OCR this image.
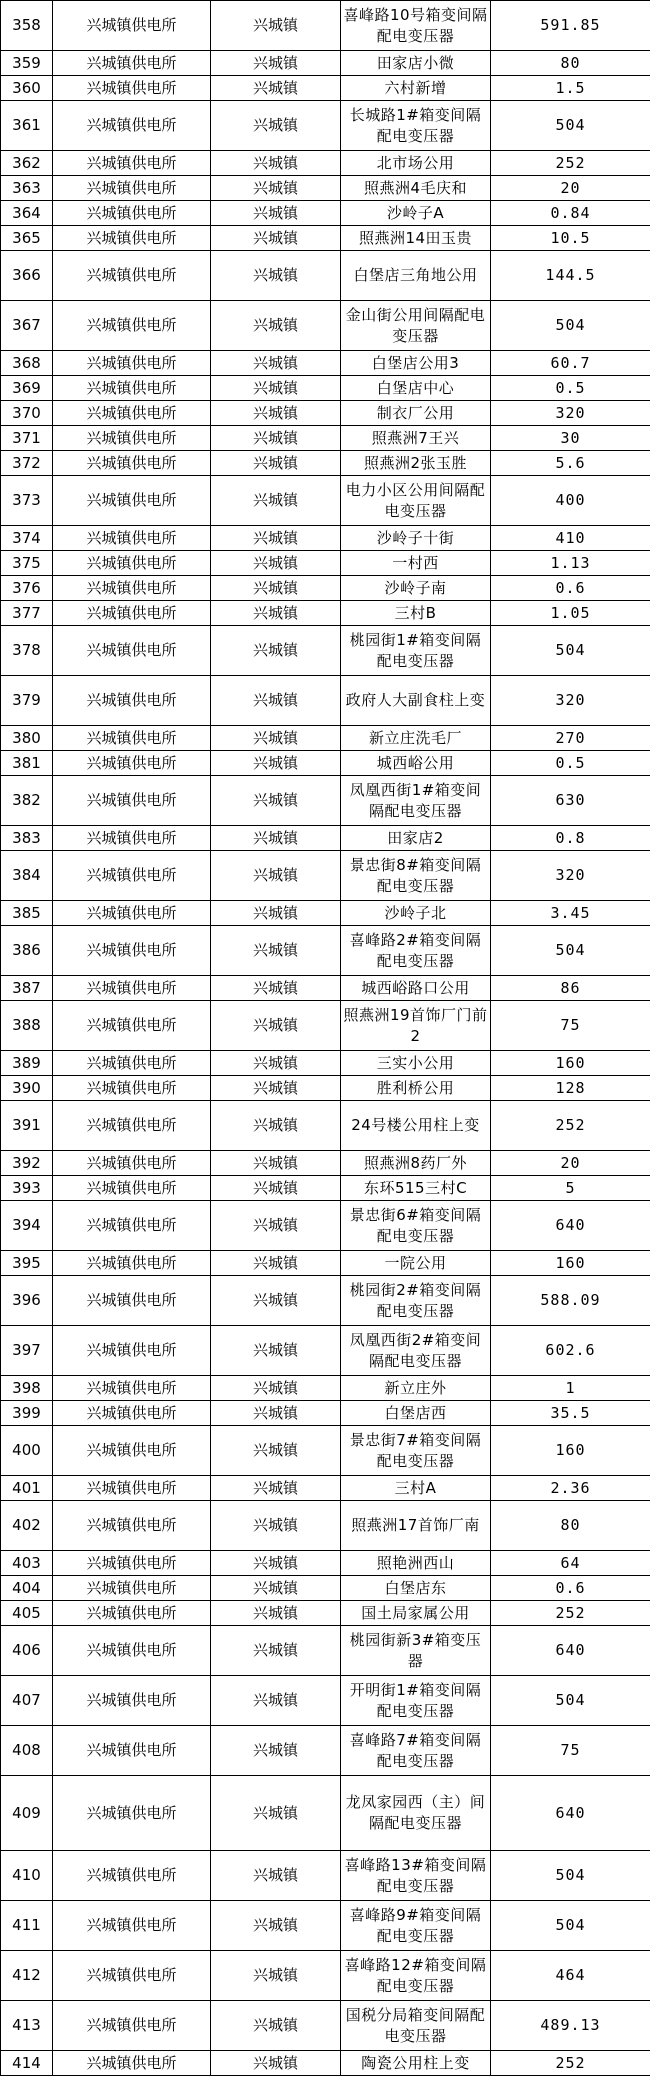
358	兴城镇供电所	兴城镇	喜峰路10号箱变间隔配电变压器	591.85
359	兴城镇供电所	兴城镇	田家店小微	80
360	兴城镇供电所	兴城镇	六村新增	1.5
361	兴城镇供电所	兴城镇	长城路1#箱变间隔配电变压器	504
362	兴城镇供电所	兴城镇	北市场公用	252
363	兴城镇供电所	兴城镇	照燕洲4毛庆和	20
364	兴城镇供电所	兴城镇	沙岭子A	0.84
365	兴城镇供电所	兴城镇	照燕洲14田玉贵	10.5
366	兴城镇供电所	兴城镇	白堡店三角地公用	144.5
367	兴城镇供电所	兴城镇	金山街公用间隔配电变压器	504
368	兴城镇供电所	兴城镇	白堡店公用3	60.7
369	兴城镇供电所	兴城镇	白堡店中心	0.5
370	兴城镇供电所	兴城镇	制衣厂公用	320
371	兴城镇供电所	兴城镇	照燕洲7王兴	30
372	兴城镇供电所	兴城镇	照燕洲2张玉胜	5.6
373	兴城镇供电所	兴城镇	电力小区公用间隔配电变压器	400
374	兴城镇供电所	兴城镇	沙岭子十街	410
375	兴城镇供电所	兴城镇	一村西	1.13
376	兴城镇供电所	兴城镇	沙岭子南	0.6
377	兴城镇供电所	兴城镇	三村B	1.05
378	兴城镇供电所	兴城镇	桃园街1#箱变间隔配电变压器	504
379	兴城镇供电所	兴城镇	政府人大副食柱上变	320
380	兴城镇供电所	兴城镇	新立庄洗毛厂	270
381	兴城镇供电所	兴城镇	城西峪公用	0.5
382	兴城镇供电所	兴城镇	凤凰西街1#箱变间隔配电变压器	630
383	兴城镇供电所	兴城镇	田家店2	0.8
384	兴城镇供电所	兴城镇	景忠街8#箱变间隔配电变压器	320
385	兴城镇供电所	兴城镇	沙岭子北	3.45
386	兴城镇供电所	兴城镇	喜峰路2#箱变间隔配电变压器	504
387	兴城镇供电所	兴城镇	城西峪路口公用	86
388	兴城镇供电所	兴城镇	照燕洲19首饰厂门前2	75
389	兴城镇供电所	兴城镇	三实小公用	160
390	兴城镇供电所	兴城镇	胜利桥公用	128
391	兴城镇供电所	兴城镇	24号楼公用柱上变	252
392	兴城镇供电所	兴城镇	照燕洲8药厂外	20
393	兴城镇供电所	兴城镇	东环515三村C	5
394	兴城镇供电所	兴城镇	景忠街6#箱变间隔配电变压器	640
395	兴城镇供电所	兴城镇	一院公用	160
396	兴城镇供电所	兴城镇	桃园街2#箱变间隔配电变压器	588.09
397	兴城镇供电所	兴城镇	凤凰西街2#箱变间隔配电变压器	602.6
398	兴城镇供电所	兴城镇	新立庄外	1
399	兴城镇供电所	兴城镇	白堡店西	35.5
400	兴城镇供电所	兴城镇	景忠街7#箱变间隔配电变压器	160
401	兴城镇供电所	兴城镇	三村A	2.36
402	兴城镇供电所	兴城镇	照燕洲17首饰厂南	80
403	兴城镇供电所	兴城镇	照艳洲西山	64
404	兴城镇供电所	兴城镇	白堡店东	0.6
405	兴城镇供电所	兴城镇	国土局家属公用	252
406	兴城镇供电所	兴城镇	桃园街新3#箱变压器	640
407	兴城镇供电所	兴城镇	开明街1#箱变间隔配电变压器	504
408	兴城镇供电所	兴城镇	喜峰路7#箱变间隔配电变压器	75
409	兴城镇供电所	兴城镇	龙凤家园西（主）间隔配电变压器	640
410	兴城镇供电所	兴城镇	喜峰路13#箱变间隔配电变压器	504
411	兴城镇供电所	兴城镇	喜峰路9#箱变间隔配电变压器	504
412	兴城镇供电所	兴城镇	喜峰路12#箱变间隔配电变压器	464
413	兴城镇供电所	兴城镇	国税分局箱变间隔配电变压器	489.13
414	兴城镇供电所	兴城镇	陶瓷公用柱上变	252
